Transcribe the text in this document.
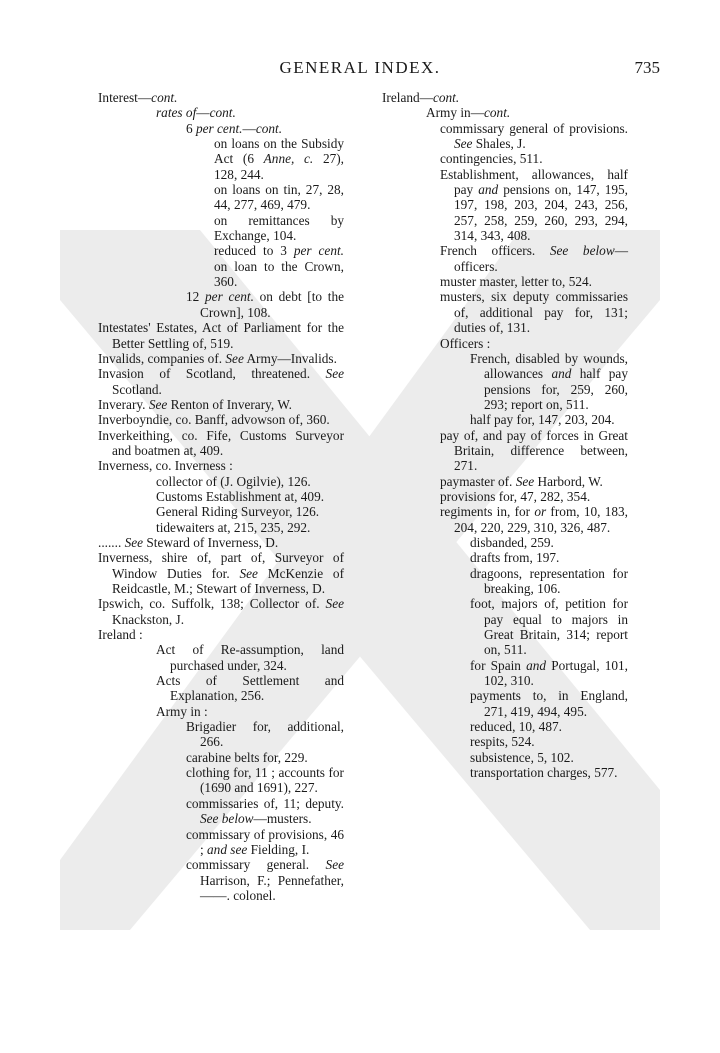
GENERAL INDEX.	735
Interest—cont.
rates of—cont.
6 per cent.—cont.
on loans on the Subsidy Act (6 Anne, c. 27), 128, 244.
on loans on tin, 27, 28, 44, 277, 469, 479.
on remittances by Exchange, 104.
reduced to 3 per cent. on loan to the Crown, 360.
12 per cent. on debt [to the Crown], 108.
Intestates' Estates, Act of Parliament for the Better Settling of, 519.
Invalids, companies of. See Army—Invalids.
Invasion of Scotland, threatened. See Scotland.
Inverary. See Renton of Inverary, W.
Inverboyndie, co. Banff, advowson of, 360.
Inverkeithing, co. Fife, Customs Surveyor and boatmen at, 409.
Inverness, co. Inverness :
collector of (J. Ogilvie), 126.
Customs Establishment at, 409.
General Riding Surveyor, 126.
tidewaiters at, 215, 235, 292.
....... See Steward of Inverness, D.
Inverness, shire of, part of, Surveyor of Window Duties for. See McKenzie of Reidcastle, M.; Stewart of Inverness, D.
Ipswich, co. Suffolk, 138; Collector of. See Knackston, J.
Ireland :
Act of Re-assumption, land purchased under, 324.
Acts of Settlement and Explanation, 256.
Army in :
Brigadier for, additional, 266.
carabine belts for, 229.
clothing for, 11 ; accounts for (1690 and 1691), 227.
commissaries of, 11; deputy. See below—musters.
commissary of provisions, 46 ; and see Fielding, I.
commissary general. See Harrison, F.; Pennefather, ——. colonel.
Ireland—cont.
Army in—cont.
commissary general of provisions. See Shales, J.
contingencies, 511.
Establishment, allowances, half pay and pensions on, 147, 195, 197, 198, 203, 204, 243, 256, 257, 258, 259, 260, 293, 294, 314, 343, 408.
French officers. See below—officers.
muster master, letter to, 524.
musters, six deputy commissaries of, additional pay for, 131; duties of, 131.
Officers :
French, disabled by wounds, allowances and half pay pensions for, 259, 260, 293; report on, 511.
half pay for, 147, 203, 204.
pay of, and pay of forces in Great Britain, difference between, 271.
paymaster of. See Harbord, W.
provisions for, 47, 282, 354.
regiments in, for or from, 10, 183, 204, 220, 229, 310, 326, 487.
disbanded, 259.
drafts from, 197.
dragoons, representation for breaking, 106.
foot, majors of, petition for pay equal to majors in Great Britain, 314; report on, 511.
for Spain and Portugal, 101, 102, 310.
payments to, in England, 271, 419, 494, 495.
reduced, 10, 487.
respits, 524.
subsistence, 5, 102.
transportation charges, 577.
